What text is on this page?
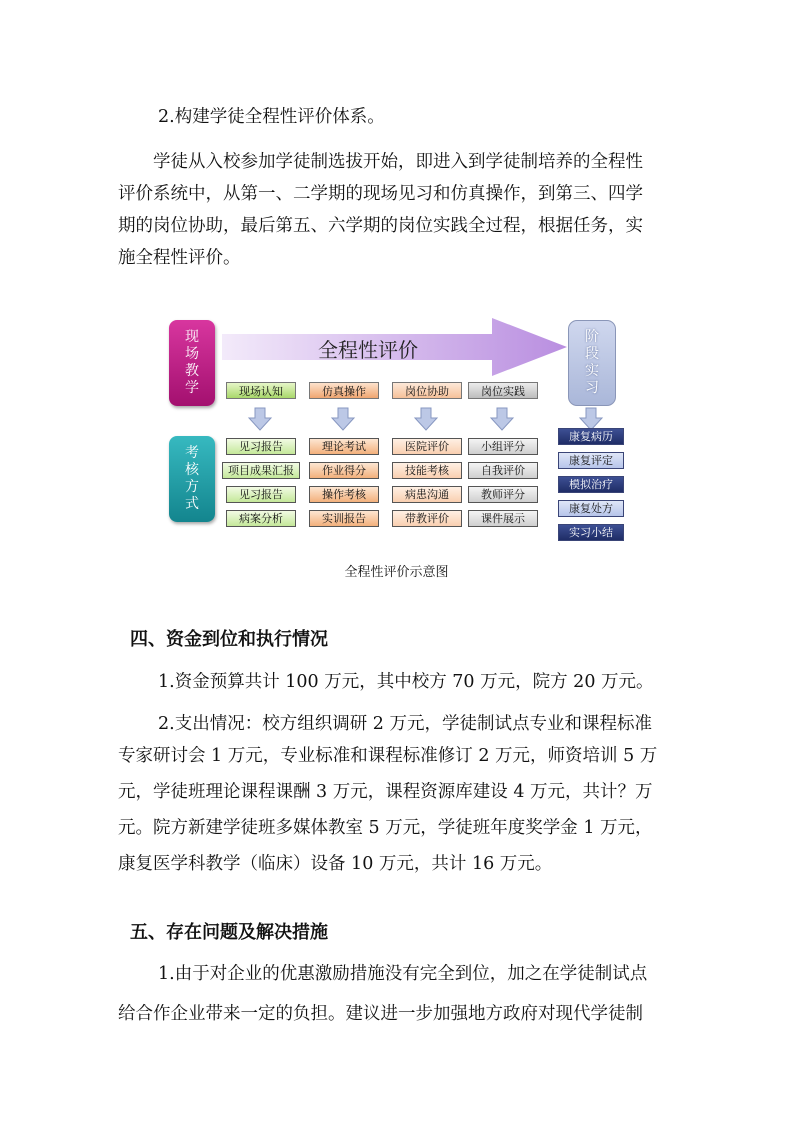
2.构建学徒全程性评价体系。

学徒从入校参加学徒制选拔开始，即进入到学徒制培养的全程性
评价系统中，从第一、二学期的现场见习和仿真操作，到第三、四学
期的岗位协助，最后第五、六学期的岗位实践全过程，根据任务，实
施全程性评价。

全程性评价
现
场
教
学
考
核
方
式
阶
段
实
习
现场认知	仿真操作	岗位协助	岗位实践
见习报告
项目成果汇报
见习报告
病案分析
理论考试
作业得分
操作考核
实训报告
医院评价
技能考核
病患沟通
带教评价
小组评分
自我评价
教师评分
课件展示
康复病历
康复评定
模拟治疗
康复处方
实习小结
全程性评价示意图
四、资金到位和执行情况

1.资金预算共计 100 万元，其中校方 70 万元，院方 20 万元。

2.支出情况：校方组织调研 2 万元，学徒制试点专业和课程标准
专家研讨会 1 万元，专业标准和课程标准修订 2 万元，师资培训 5 万
元，学徒班理论课程课酬 3 万元，课程资源库建设 4 万元，共计？万
元。院方新建学徒班多媒体教室 5 万元，学徒班年度奖学金 1 万元，
康复医学科教学（临床）设备 10 万元，共计 16 万元。

五、存在问题及解决措施

1.由于对企业的优惠激励措施没有完全到位，加之在学徒制试点
给合作企业带来一定的负担。建议进一步加强地方政府对现代学徒制
